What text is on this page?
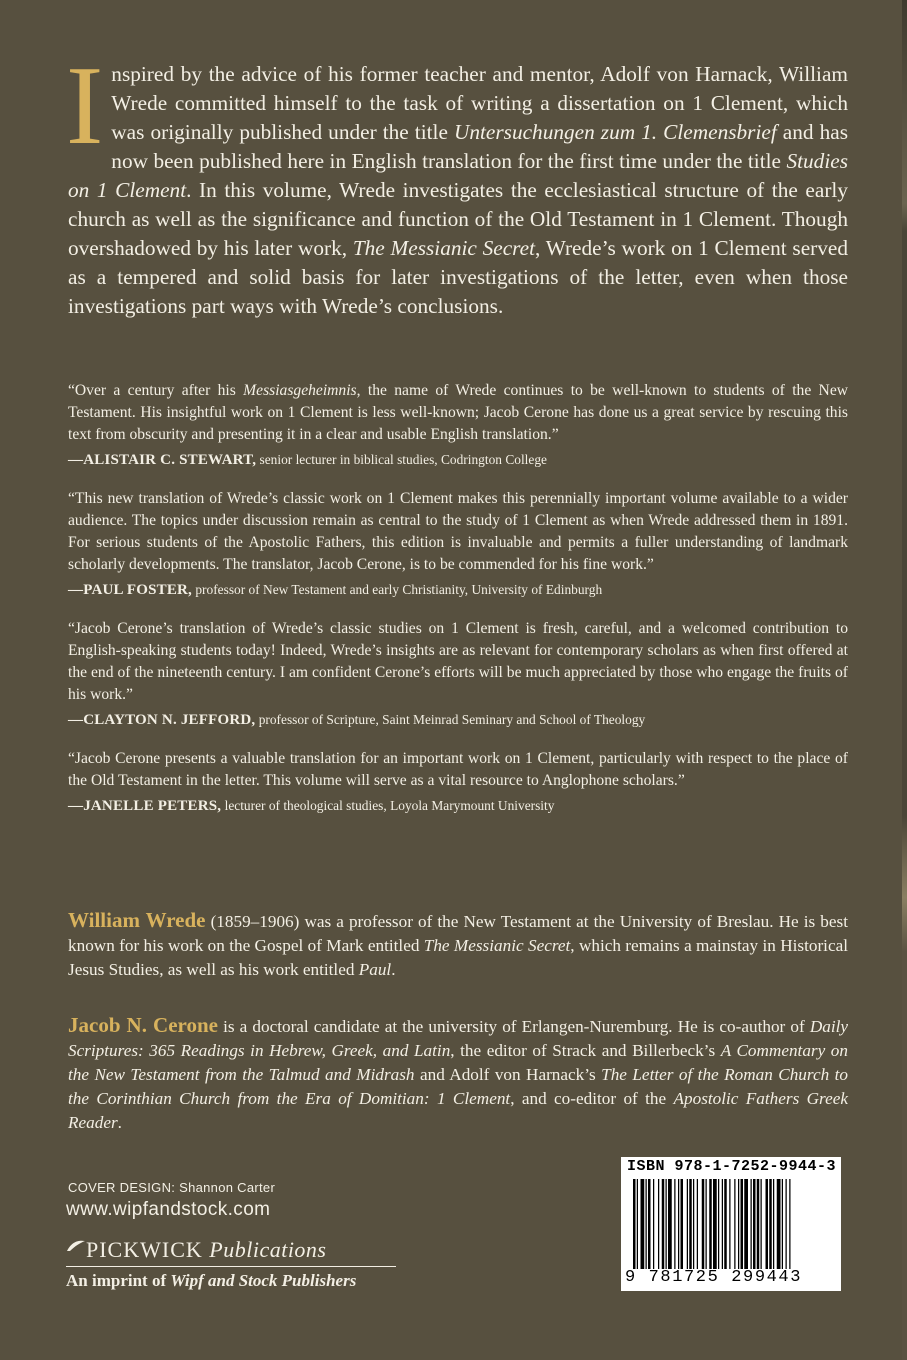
I nspired by the advice of his former teacher and mentor, Adolf von Harnack, William Wrede committed himself to the task of writing a dissertation on 1 Clement, which was originally published under the title Untersuchungen zum 1. Clemensbrief and has now been published here in English translation for the first time under the title Studies on 1 Clement. In this volume, Wrede investigates the ecclesiastical structure of the early church as well as the significance and function of the Old Testament in 1 Clement. Though overshadowed by his later work, The Messianic Secret, Wrede’s work on 1 Clement served as a tempered and solid basis for later investigations of the letter, even when those investigations part ways with Wrede’s conclusions.

“Over a century after his Messiasgeheimnis, the name of Wrede continues to be well-known to students of the New Testament. His insightful work on 1 Clement is less well-known; Jacob Cerone has done us a great service by rescuing this text from obscurity and presenting it in a clear and usable English translation.”

—ALISTAIR C. STEWART, senior lecturer in biblical studies, Codrington College

“This new translation of Wrede’s classic work on 1 Clement makes this perennially important volume available to a wider audience. The topics under discussion remain as central to the study of 1 Clement as when Wrede addressed them in 1891. For serious students of the Apostolic Fathers, this edition is invaluable and permits a fuller understanding of landmark scholarly developments. The translator, Jacob Cerone, is to be commended for his fine work.”

—PAUL FOSTER, professor of New Testament and early Christianity, University of Edinburgh

“Jacob Cerone’s translation of Wrede’s classic studies on 1 Clement is fresh, careful, and a welcomed contribution to English-speaking students today! Indeed, Wrede’s insights are as relevant for contemporary scholars as when first offered at the end of the nineteenth century. I am confident Cerone’s efforts will be much appreciated by those who engage the fruits of his work.”

—CLAYTON N. JEFFORD, professor of Scripture, Saint Meinrad Seminary and School of Theology

“Jacob Cerone presents a valuable translation for an important work on 1 Clement, particularly with respect to the place of the Old Testament in the letter. This volume will serve as a vital resource to Anglophone scholars.”

—JANELLE PETERS, lecturer of theological studies, Loyola Marymount University

William Wrede (1859–1906) was a professor of the New Testament at the University of Breslau. He is best known for his work on the Gospel of Mark entitled The Messianic Secret, which remains a mainstay in Historical Jesus Studies, as well as his work entitled Paul.

Jacob N. Cerone is a doctoral candidate at the university of Erlangen-Nuremburg. He is co-author of Daily Scriptures: 365 Readings in Hebrew, Greek, and Latin, the editor of Strack and Billerbeck’s A Commentary on the New Testament from the Talmud and Midrash and Adolf von Harnack’s The Letter of the Roman Church to the Corinthian Church from the Era of Domitian: 1 Clement, and co-editor of the Apostolic Fathers Greek Reader.

COVER DESIGN: Shannon Carter
www.wipfandstock.com
PICKWICK Publications
An imprint of Wipf and Stock Publishers
ISBN 978-1-7252-9944-3
9 781725 299443
